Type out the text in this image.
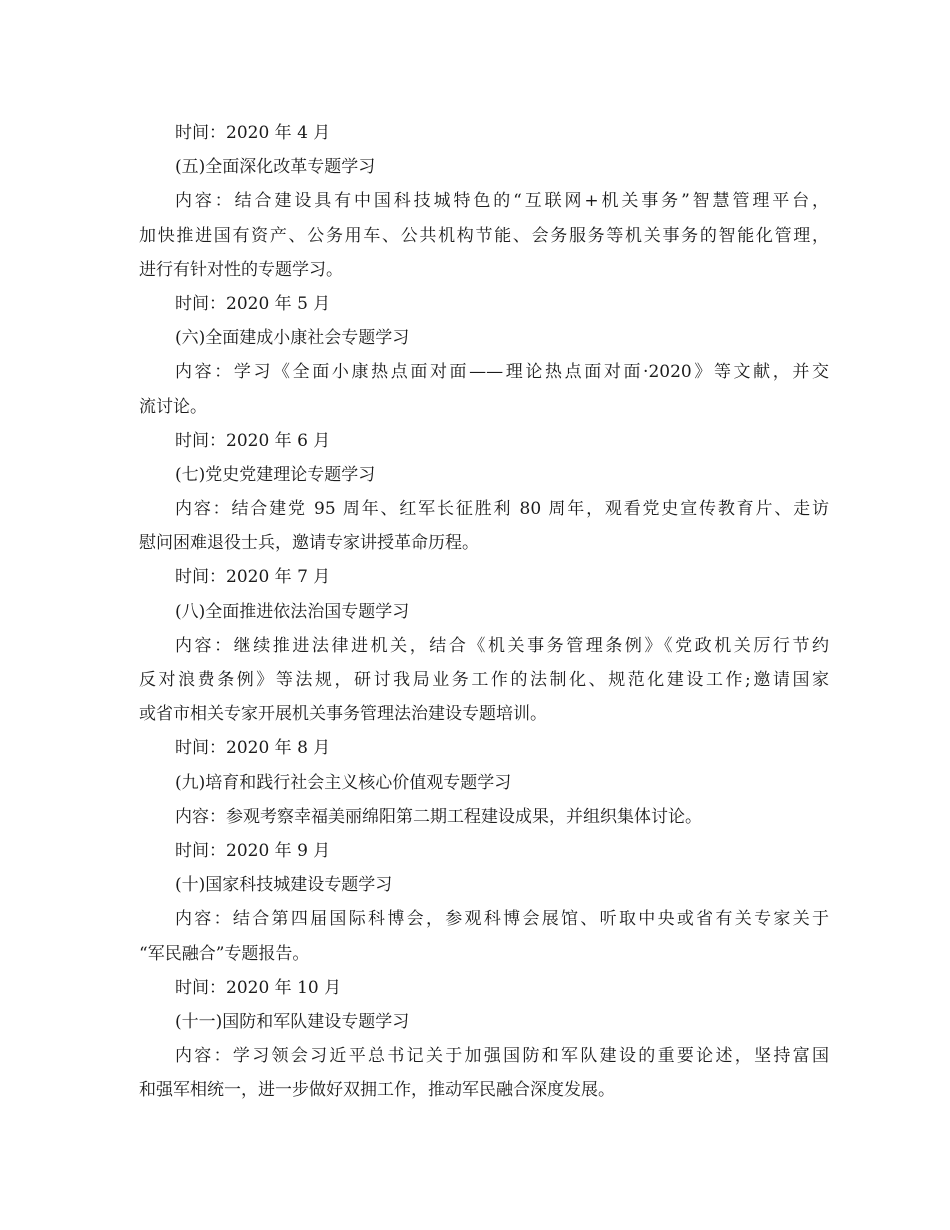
时间：2020 年 4 月
(五)全面深化改革专题学习
内容：结合建设具有中国科技城特色的“互联网+机关事务”智慧管理平台，
加快推进国有资产、公务用车、公共机构节能、会务服务等机关事务的智能化管理，
进行有针对性的专题学习。
时间：2020 年 5 月
(六)全面建成小康社会专题学习
内容：学习《全面小康热点面对面——理论热点面对面·2020》等文献，并交
流讨论。
时间：2020 年 6 月
(七)党史党建理论专题学习
内容：结合建党 95 周年、红军长征胜利 80 周年，观看党史宣传教育片、走访
慰问困难退役士兵，邀请专家讲授革命历程。
时间：2020 年 7 月
(八)全面推进依法治国专题学习
内容：继续推进法律进机关，结合《机关事务管理条例》《党政机关厉行节约
反对浪费条例》等法规，研讨我局业务工作的法制化、规范化建设工作;邀请国家
或省市相关专家开展机关事务管理法治建设专题培训。
时间：2020 年 8 月
(九)培育和践行社会主义核心价值观专题学习
内容：参观考察幸福美丽绵阳第二期工程建设成果，并组织集体讨论。
时间：2020 年 9 月
(十)国家科技城建设专题学习
内容：结合第四届国际科博会，参观科博会展馆、听取中央或省有关专家关于
“军民融合”专题报告。
时间：2020 年 10 月
(十一)国防和军队建设专题学习
内容：学习领会习近平总书记关于加强国防和军队建设的重要论述，坚持富国
和强军相统一，进一步做好双拥工作，推动军民融合深度发展。
